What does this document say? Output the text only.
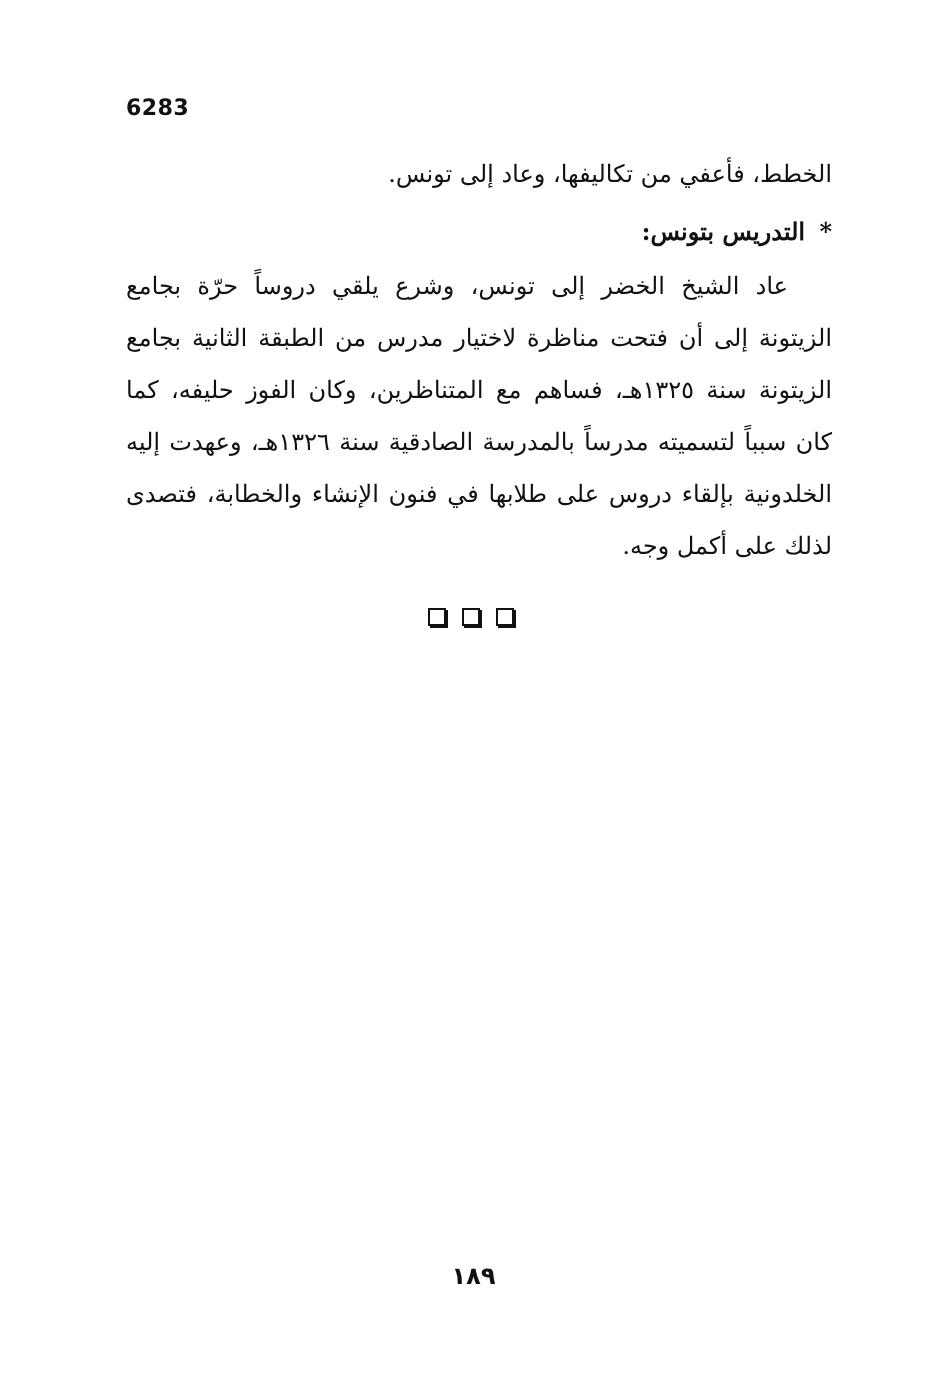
6283
الخطط، فأعفي من تكاليفها، وعاد إلى تونس.
* التدريس بتونس:
عاد الشيخ الخضر إلى تونس، وشرع يلقي دروساً حرّة بجامع الزيتونة إلى أن فتحت مناظرة لاختيار مدرس من الطبقة الثانية بجامع الزيتونة سنة ١٣٢٥هـ، فساهم مع المتناظرين، وكان الفوز حليفه، كما كان سبباً لتسميته مدرساً بالمدرسة الصادقية سنة ١٣٢٦هـ، وعهدت إليه الخلدونية بإلقاء دروس على طلابها في فنون الإنشاء والخطابة، فتصدى لذلك على أكمل وجه.
١٨٩
